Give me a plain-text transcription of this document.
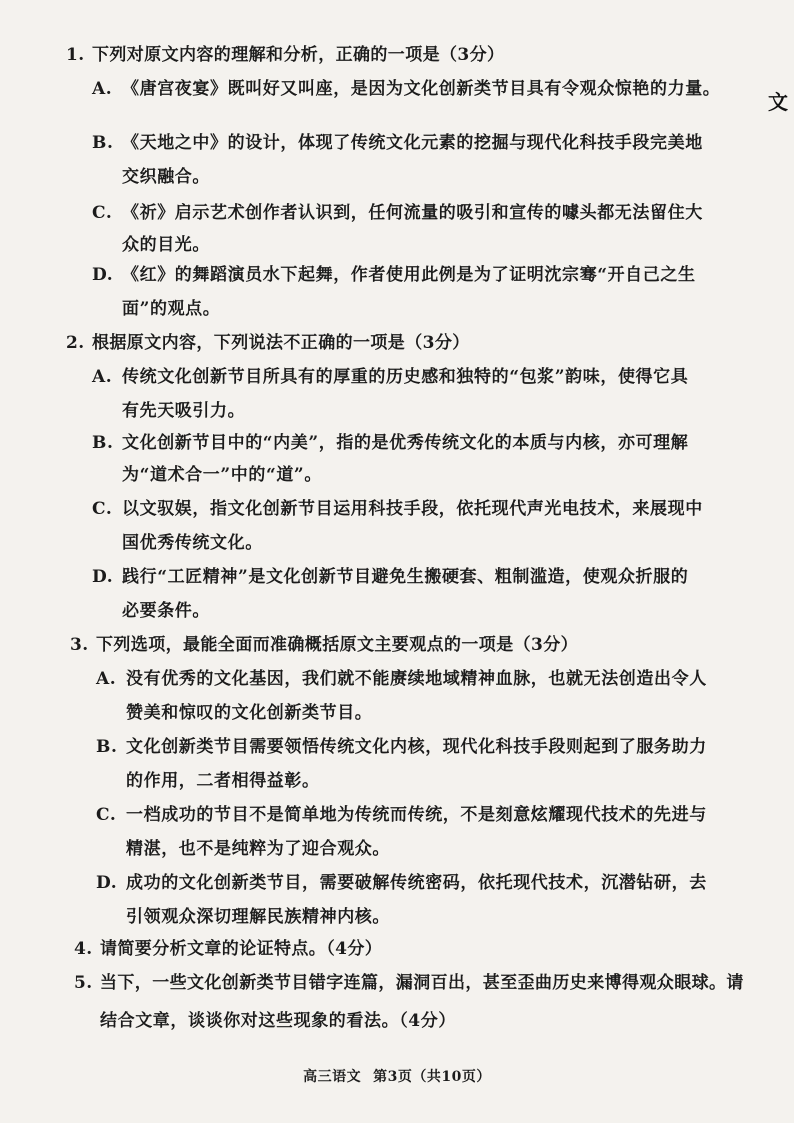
文
1. 下列对原文内容的理解和分析，正确的一项是（3分）
A. 《唐宫夜宴》既叫好又叫座，是因为文化创新类节目具有令观众惊艳的力量。
B. 《天地之中》的设计，体现了传统文化元素的挖掘与现代化科技手段完美地
交织融合。
C. 《祈》启示艺术创作者认识到，任何流量的吸引和宣传的噱头都无法留住大
众的目光。
D. 《红》的舞蹈演员水下起舞，作者使用此例是为了证明沈宗骞“开自己之生
面”的观点。
2. 根据原文内容，下列说法不正确的一项是（3分）
A. 传统文化创新节目所具有的厚重的历史感和独特的“包浆”韵味，使得它具
有先天吸引力。
B. 文化创新节目中的“内美”，指的是优秀传统文化的本质与内核，亦可理解
为“道术合一”中的“道”。
C. 以文驭娱，指文化创新节目运用科技手段，依托现代声光电技术，来展现中
国优秀传统文化。
D. 践行“工匠精神”是文化创新节目避免生搬硬套、粗制滥造，使观众折服的
必要条件。
3. 下列选项，最能全面而准确概括原文主要观点的一项是（3分）
A. 没有优秀的文化基因，我们就不能赓续地域精神血脉，也就无法创造出令人
赞美和惊叹的文化创新类节目。
B. 文化创新类节目需要领悟传统文化内核，现代化科技手段则起到了服务助力
的作用，二者相得益彰。
C. 一档成功的节目不是简单地为传统而传统，不是刻意炫耀现代技术的先进与
精湛，也不是纯粹为了迎合观众。
D. 成功的文化创新类节目，需要破解传统密码，依托现代技术，沉潜钻研，去
引领观众深切理解民族精神内核。
4. 请简要分析文章的论证特点。（4分）
5. 当下，一些文化创新类节目错字连篇，漏洞百出，甚至歪曲历史来博得观众眼球。请
结合文章，谈谈你对这些现象的看法。（4分）
高三语文 第3页（共10页）
